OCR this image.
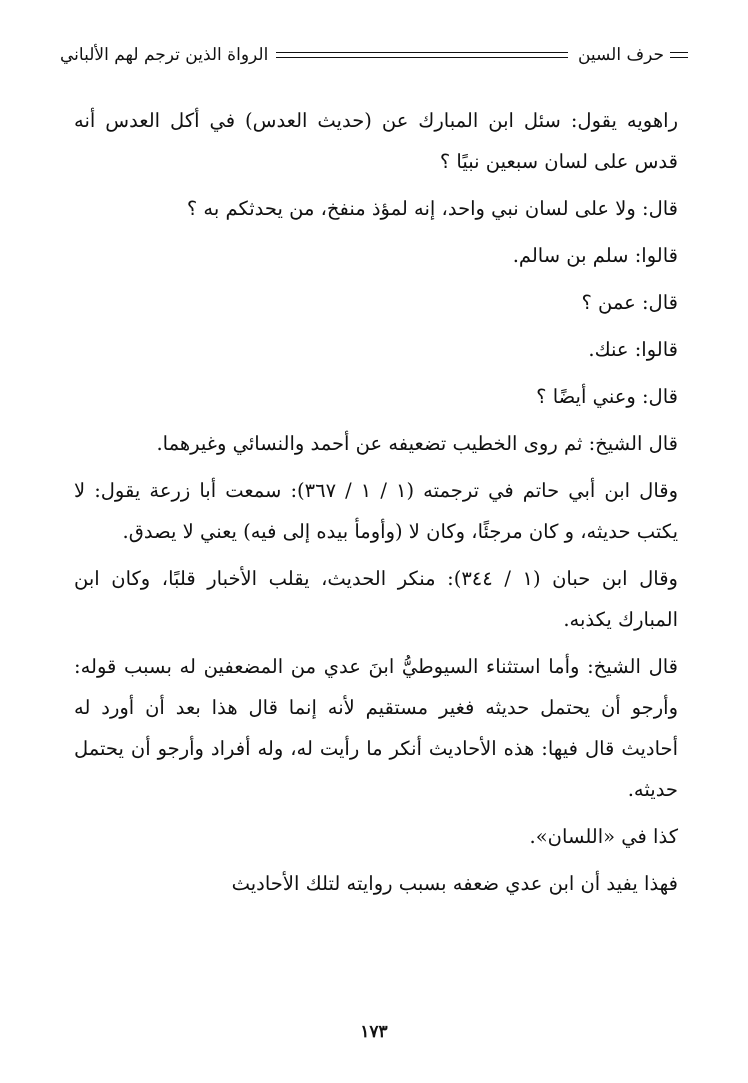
حرف السين
الرواة الذين ترجم لهم الألباني

راهويه يقول: سئل ابن المبارك عن (حديث العدس) في أكل العدس أنه قدس على لسان سبعين نبيًا ؟

قال: ولا على لسان نبي واحد، إنه لمؤذ منفخ، من يحدثكم به ؟

قالوا: سلم بن سالم.

قال: عمن ؟

قالوا: عنك.

قال: وعني أيضًا ؟

قال الشيخ: ثم روى الخطيب تضعيفه عن أحمد والنسائي وغيرهما.

وقال ابن أبي حاتم في ترجمته (١ / ١ / ٣٦٧): سمعت أبا زرعة يقول: لا يكتب حديثه، و كان مرجئًا، وكان لا (وأومأ بيده إلى فيه) يعني لا يصدق.

وقال ابن حبان (١ / ٣٤٤): منكر الحديث، يقلب الأخبار قلبًا، وكان ابن المبارك يكذبه.

قال الشيخ: وأما استثناء السيوطيُّ ابنَ عدي من المضعفين له بسبب قوله: وأرجو أن يحتمل حديثه فغير مستقيم لأنه إنما قال هذا بعد أن أورد له أحاديث قال فيها: هذه الأحاديث أنكر ما رأيت له، وله أفراد وأرجو أن يحتمل حديثه.

كذا في «اللسان».

فهذا يفيد أن ابن عدي ضعفه بسبب روايته لتلك الأحاديث

١٧٣
